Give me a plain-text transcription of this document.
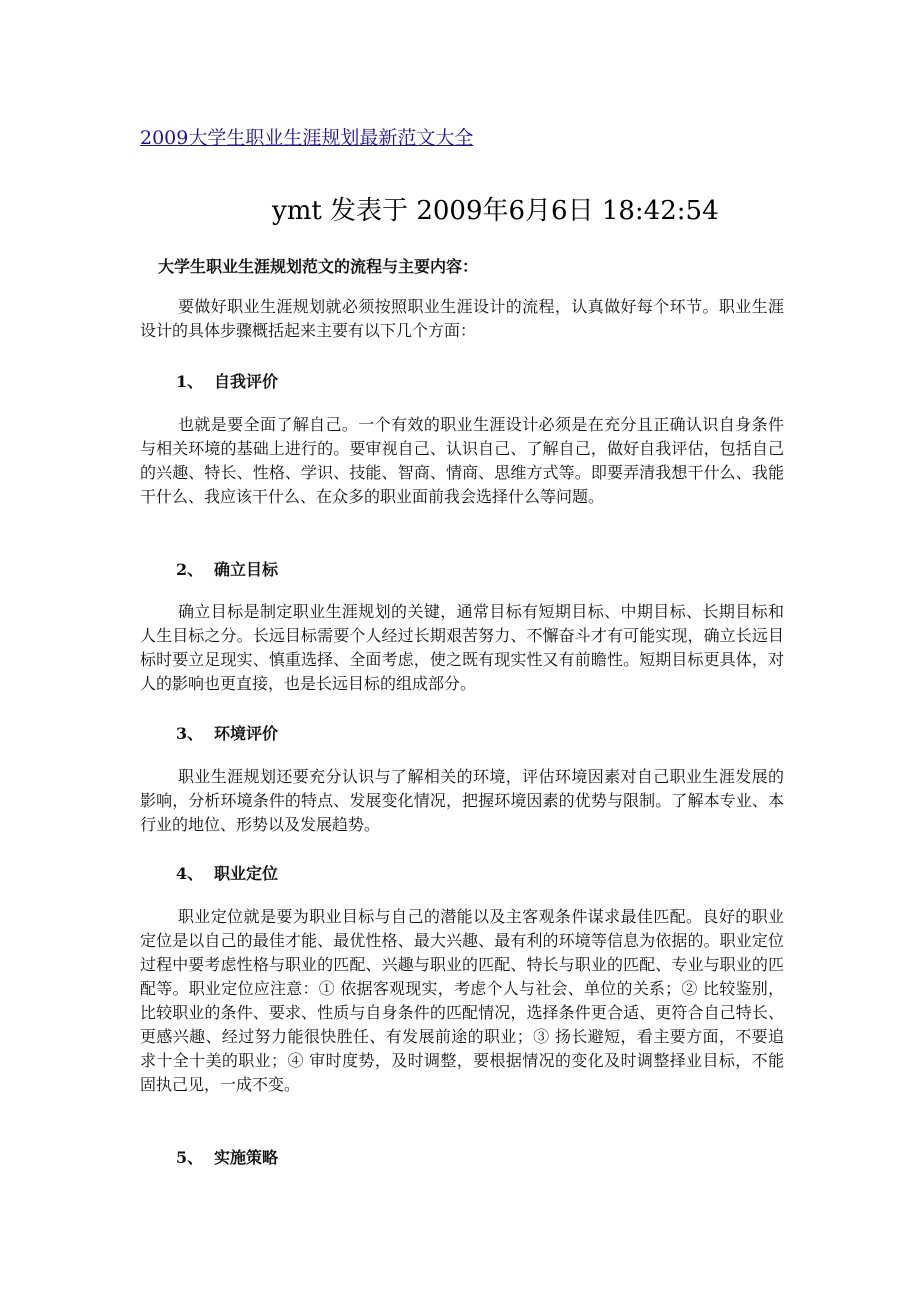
2009大学生职业生涯规划最新范文大全
ymt 发表于 2009年6月6日 18:42:54
大学生职业生涯规划范文的流程与主要内容：

要做好职业生涯规划就必须按照职业生涯设计的流程，认真做好每个环节。职业生涯设计的具体步骤概括起来主要有以下几个方面：

1、 自我评价

也就是要全面了解自己。一个有效的职业生涯设计必须是在充分且正确认识自身条件与相关环境的基础上进行的。要审视自己、认识自己、了解自己，做好自我评估，包括自己的兴趣、特长、性格、学识、技能、智商、情商、思维方式等。即要弄清我想干什么、我能干什么、我应该干什么、在众多的职业面前我会选择什么等问题。

2、 确立目标

确立目标是制定职业生涯规划的关键，通常目标有短期目标、中期目标、长期目标和人生目标之分。长远目标需要个人经过长期艰苦努力、不懈奋斗才有可能实现，确立长远目标时要立足现实、慎重选择、全面考虑，使之既有现实性又有前瞻性。短期目标更具体，对人的影响也更直接，也是长远目标的组成部分。

3、 环境评价

职业生涯规划还要充分认识与了解相关的环境，评估环境因素对自己职业生涯发展的影响，分析环境条件的特点、发展变化情况，把握环境因素的优势与限制。了解本专业、本行业的地位、形势以及发展趋势。

4、 职业定位

职业定位就是要为职业目标与自己的潜能以及主客观条件谋求最佳匹配。良好的职业定位是以自己的最佳才能、最优性格、最大兴趣、最有利的环境等信息为依据的。职业定位过程中要考虑性格与职业的匹配、兴趣与职业的匹配、特长与职业的匹配、专业与职业的匹配等。职业定位应注意：① 依据客观现实，考虑个人与社会、单位的关系；② 比较鉴别，比较职业的条件、要求、性质与自身条件的匹配情况，选择条件更合适、更符合自己特长、更感兴趣、经过努力能很快胜任、有发展前途的职业；③ 扬长避短，看主要方面，不要追求十全十美的职业；④ 审时度势，及时调整，要根据情况的变化及时调整择业目标，不能固执己见，一成不变。

5、 实施策略
